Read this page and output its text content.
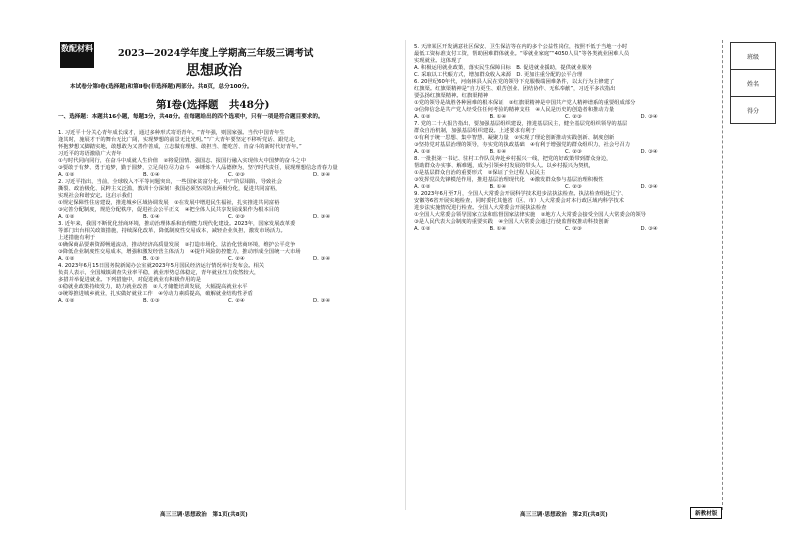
数配材料	2023—2024学年度上学期高三年级三调考试
思想政治
本试卷分第Ⅰ卷(选择题)和第Ⅱ卷(非选择题)两部分。共8页，总分100分。
第Ⅰ卷(选择题　共48分)
一、选择题：本题共16小题，每题3分，共48分。在每题给出的四个选项中，只有一项是符合题目要求的。

1. 习近平十分关心青年成长成才，通过多种形式寄语青年。“青年强，则国家强。当代中国青年生

逢其时，施展才干的舞台无比广阔，实现梦想的前景无比光明。”“广大青年要坚定不移听党话、跟党走，

怀抱梦想又脚踏实地，敢想敢为又善作善成，立志做有理想、敢担当、能吃苦、肯奋斗的新时代好青年。”

习近平的寄语激励广大青年

①与时代同向同行，在奋斗中成就人生价值　②将爱国情、强国志、报国行融入实现伟大中国梦的奋斗之中

③要敢于有梦、勇于追梦，勤于圆梦，立足岗位尽力奋斗　④锤炼个人品德修为，坚守时代责任，展现理想信念青春力量

A. ①②	B. ①④	C. ②③	D. ③④

2. 习近平指出，当前，全球收入不平等问题突出，一些国家贫富分化，中产阶层塌陷，导致社会

撕裂、政治极化、民粹主义泛滥，教训十分深刻！我国必须坚决防止两极分化，促进共同富裕，

实现社会和谐安定。这启示我们

①规定保障性住房建设，推进城乡区域协调发展　②在发展中增进民生福祉，扎实推进共同富裕

③完善分配制度，规范分配秩序，促进社会公平正义　④把全体人民共享发展成果作为根本目的

A. ①②	B. ①④	C. ②③	D. ③④

3. 近年来，我国不断优化营商环境，推动治理体系和治理能力现代化建设。2023年，国家发展改革委

等部门出台相关政策措施，持续深化改革，降低制度性交易成本，减轻企业负担，激发市场活力。

上述措施有利于

①确保商品要素资源畅通流动，推动经济高质量发展　②打造市场化、法治化营商环境，维护公平竞争

③降低企业制度性交易成本，增强和激发经营主体活力　④提升风险防控能力，推动形成全国统一大市场

A. ①②	B. ①③	C. ②④	D. ③④

4. 2023年6月15日国务院新闻办公室就2023年5月国民经济运行情况举行发布会。相关

负责人表示，全国城镇调查失业率平稳，就业形势总体稳定，青年就业压力依然较大，

多措并举促进就业。下列措施中，对促进就业有积极作用的是

①稳就业政策持续发力，助力就业改善　②人才储能培训发展，大幅提高就业水平

③统筹推进城乡就业，扎实做好就业工作　④劳动力素质提高，破解就业结构性矛盾

A. ①②	B. ①③	C. ②④	D. ③④

5. 天津某区开发满意社区保安、卫生保洁等在内的多个公益性岗位，按照不低于当地一小时

最低工资标准支付工资，帮助困难群体就业。“零就业家庭”“4050人员”等各类就业困难人员

实现就业。这体现了

A. 积极运用就业政策，落实民生保障目标　B. 促进就业援助，提供就业服务

C. 采取以工代赈方式，增加群众收入来源　D. 更加注重分配的公平合理

6. 20世纪60年代，河南林县人民在党的领导下克服极端困难条件，以太行为主修建了

红旗渠。红旗渠精神是“自力更生、艰苦创业、团结协作、无私奉献”，习近平多次指出

要弘扬红旗渠精神。红旗渠精神

①党的领导是战胜各种困难的根本保证　②红旗渠精神是中国共产党人精神谱系的重要组成部分

③信仰信念是共产党人经受住任何考验的精神支柱　④人民是历史的创造者和推动力量

A. ①②	B. ①④	C. ②③	D. ③④

7. 党的二十大报告指出，要加强基层组织建设，推进基层民主，健全基层党组织领导的基层

群众自治机制，加强基层组织建设。上述要求有利于

①有利于统一思想、集中智慧、凝聚力量　②实现了理论创新推动实践创新、制度创新

③坚持党对基层治理的领导，夯实党的执政基础　④有利于增强党的群众组织力，社会号召力

A. ①②	B. ①④	C. ②③	D. ③④

8. 一批批第一书记、驻村工作队员奔赴乡村振兴一线，把党的好政策带到群众身边，

帮助群众办实事、解难题，成为引领乡村发展的带头人。以乡村振兴为契机，

①是基层群众自治的重要形式　②保证了全过程人民民主

③发挥党员先锋模范作用，推进基层治理现代化　④激发群众参与基层治理积极性

A. ①②	B. ①④	C. ②③	D. ③④

9. 2023年6月至7月，全国人大常委会开展科学技术进步法执法检查。执法检查组赴辽宁、

安徽等6省开展实地检查，同时委托其他省（区、市）人大常委会对本行政区域内科学技术

进步法实施情况进行检查。全国人大常委会开展执法检查

①全国人大常委会领导国家立法和监督国家法律实施　②地方人大常委会接受全国人大常委会的领导

③是人民代表大会制度的重要实践　④全国人大常委会通过行使监督权推动科技创新

A. ①②	B. ①④	C. ②③	D. ③④
班级
姓名
得分
高三三调·思想政治　第1页(共8页)	高三三调·思想政治　第2页(共8页)	新教材版
